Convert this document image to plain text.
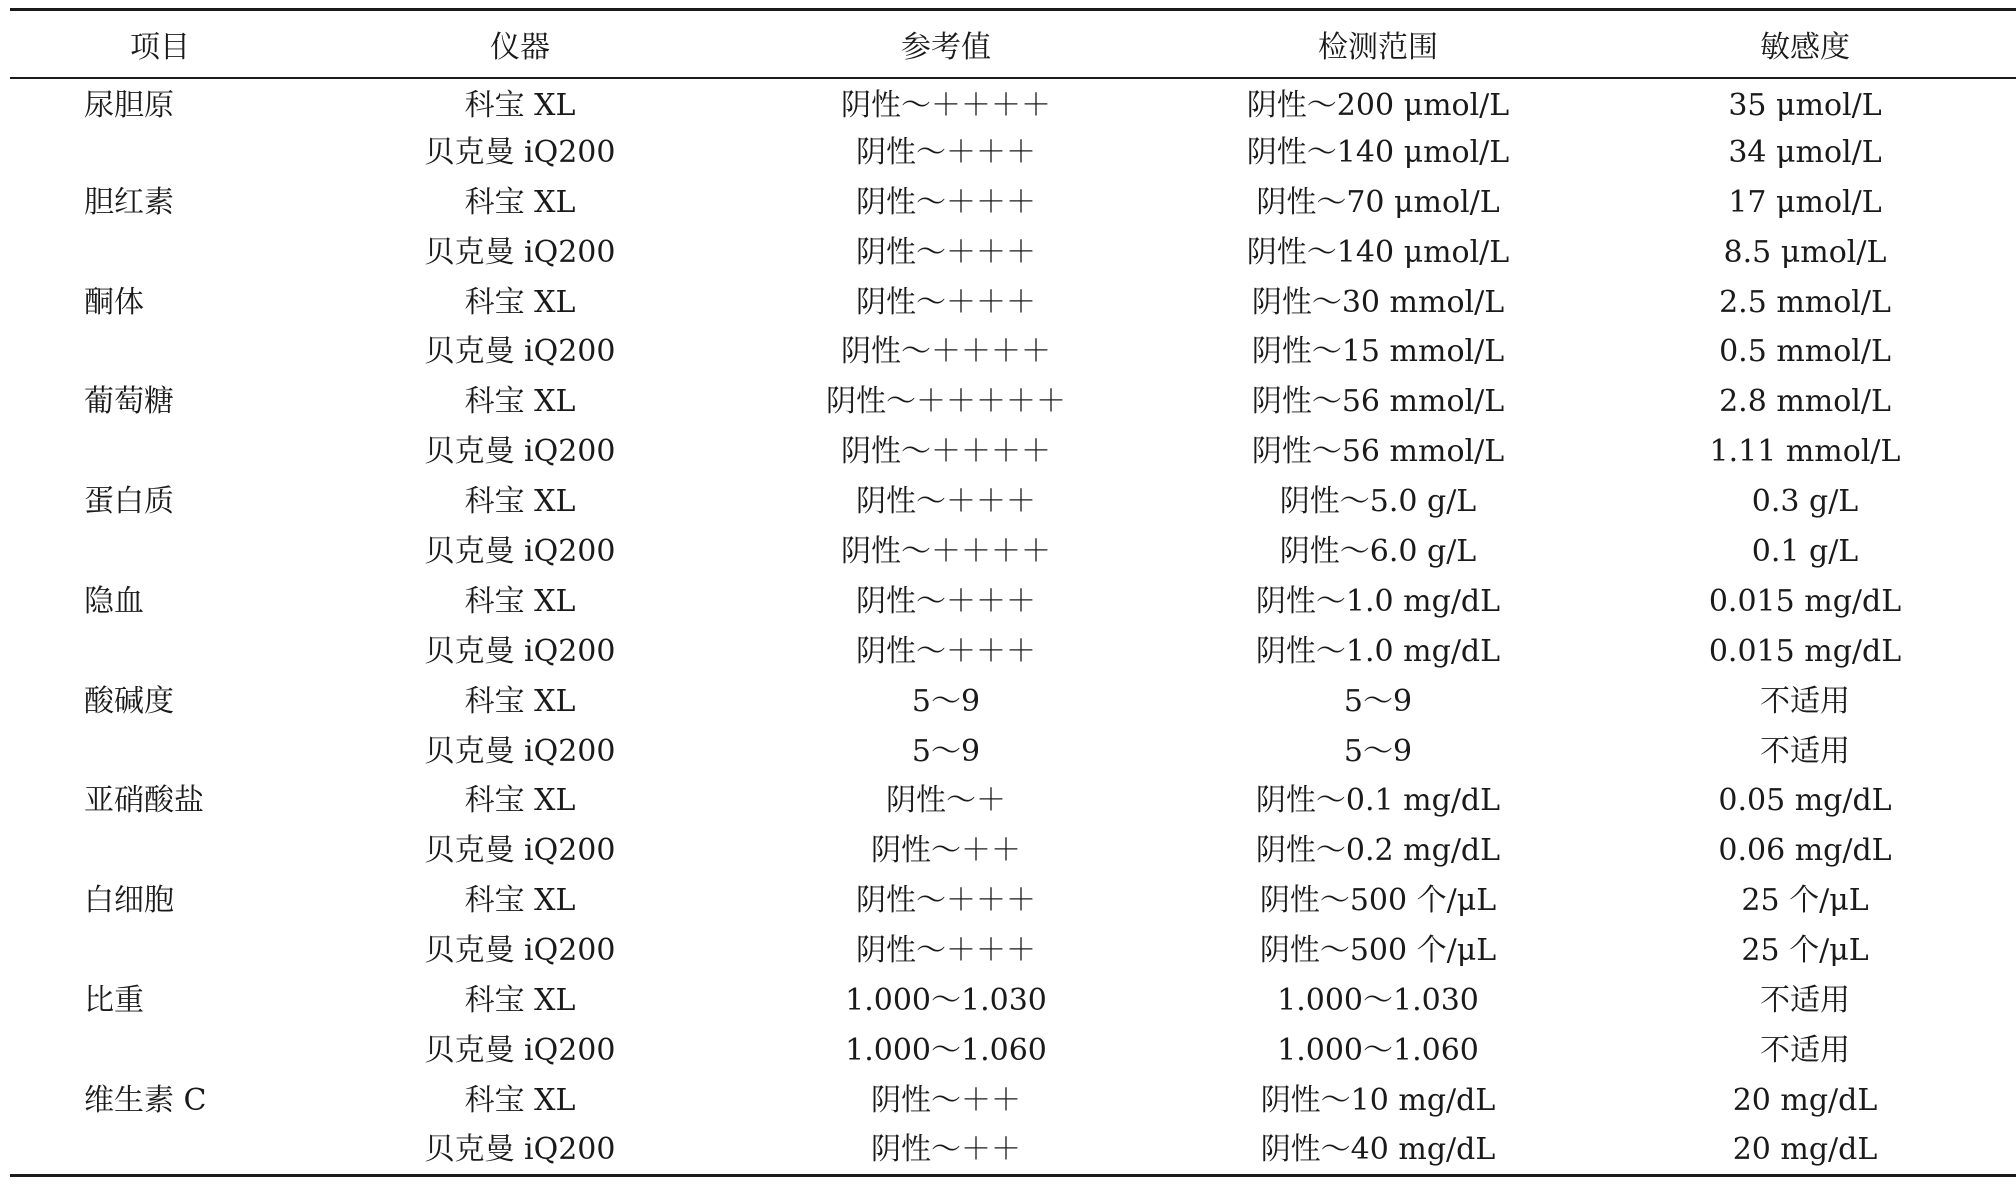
项目	仪器	参考值	检测范围	敏感度
尿胆原	科宝 XL	阴性～＋＋＋＋	阴性～200 μmol/L	35 μmol/L
	贝克曼 iQ200	阴性～＋＋＋	阴性～140 μmol/L	34 μmol/L
胆红素	科宝 XL	阴性～＋＋＋	阴性～70 μmol/L	17 μmol/L
	贝克曼 iQ200	阴性～＋＋＋	阴性～140 μmol/L	8.5 μmol/L
酮体	科宝 XL	阴性～＋＋＋	阴性～30 mmol/L	2.5 mmol/L
	贝克曼 iQ200	阴性～＋＋＋＋	阴性～15 mmol/L	0.5 mmol/L
葡萄糖	科宝 XL	阴性～＋＋＋＋＋	阴性～56 mmol/L	2.8 mmol/L
	贝克曼 iQ200	阴性～＋＋＋＋	阴性～56 mmol/L	1.11 mmol/L
蛋白质	科宝 XL	阴性～＋＋＋	阴性～5.0 g/L	0.3 g/L
	贝克曼 iQ200	阴性～＋＋＋＋	阴性～6.0 g/L	0.1 g/L
隐血	科宝 XL	阴性～＋＋＋	阴性～1.0 mg/dL	0.015 mg/dL
	贝克曼 iQ200	阴性～＋＋＋	阴性～1.0 mg/dL	0.015 mg/dL
酸碱度	科宝 XL	5～9	5～9	不适用
	贝克曼 iQ200	5～9	5～9	不适用
亚硝酸盐	科宝 XL	阴性～＋	阴性～0.1 mg/dL	0.05 mg/dL
	贝克曼 iQ200	阴性～＋＋	阴性～0.2 mg/dL	0.06 mg/dL
白细胞	科宝 XL	阴性～＋＋＋	阴性～500 个/μL	25 个/μL
	贝克曼 iQ200	阴性～＋＋＋	阴性～500 个/μL	25 个/μL
比重	科宝 XL	1.000～1.030	1.000～1.030	不适用
	贝克曼 iQ200	1.000～1.060	1.000～1.060	不适用
维生素 C	科宝 XL	阴性～＋＋	阴性～10 mg/dL	20 mg/dL
	贝克曼 iQ200	阴性～＋＋	阴性～40 mg/dL	20 mg/dL
